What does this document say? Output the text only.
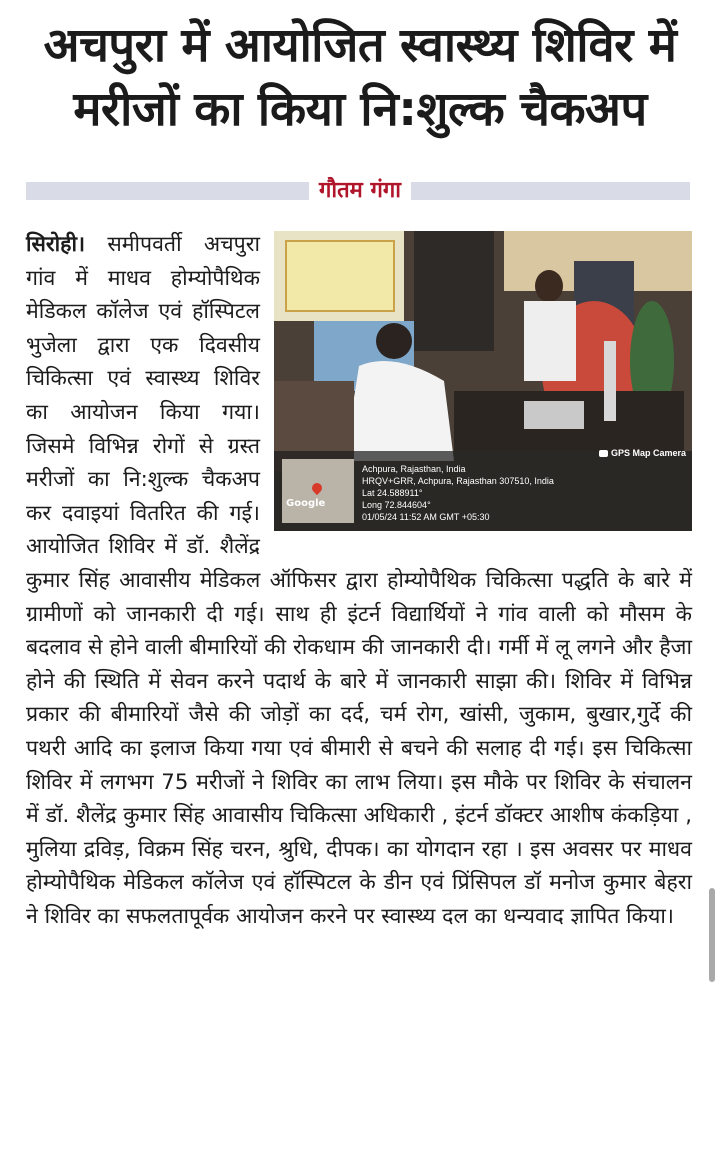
अचपुरा में आयोजित स्वास्थ्य शिविर में मरीजों का किया नि:शुल्क चैकअप
गौतम गंगा
GPS Map Camera
Google
Achpura, Rajasthan, India
HRQV+GRR, Achpura, Rajasthan 307510, India
Lat 24.588911°
Long 72.844604°
01/05/24 11:52 AM GMT +05:30
सिरोही। समीपवर्ती अचपुरा गांव में माधव होम्योपैथिक मेडिकल कॉलेज एवं हॉस्पिटल भुजेला द्वारा एक दिवसीय चिकित्सा एवं स्वास्थ्य शिविर का आयोजन किया गया। जिसमे विभिन्न रोगों से ग्रस्त मरीजों का नि:शुल्क चैकअप कर दवाइयां वितरित की गई। आयोजित शिविर में डॉ. शैलेंद्र कुमार सिंह आवासीय मेडिकल ऑफिसर द्वारा होम्योपैथिक चिकित्सा पद्धति के बारे में ग्रामीणों को जानकारी दी गई। साथ ही इंटर्न विद्यार्थियों ने गांव वाली को मौसम के बदलाव से होने वाली बीमारियों की रोकधाम की जानकारी दी। गर्मी में लू लगने और हैजा होने की स्थिति में सेवन करने पदार्थ के बारे में जानकारी साझा की। शिविर में विभिन्न प्रकार की बीमारियों जैसे की जोड़ों का दर्द, चर्म रोग, खांसी, जुकाम, बुखार,गुर्दे की पथरी आदि का इलाज किया गया एवं बीमारी से बचने की सलाह दी गई। इस चिकित्सा शिविर में लगभग 75 मरीजों ने शिविर का लाभ लिया। इस मौके पर शिविर के संचालन में डॉ. शैलेंद्र कुमार सिंह आवासीय चिकित्सा अधिकारी , इंटर्न डॉक्टर आशीष कंकड़िया , मुलिया द्रविड़, विक्रम सिंह चरन, श्रुधि, दीपक। का योगदान रहा । इस अवसर पर माधव होम्योपैथिक मेडिकल कॉलेज एवं हॉस्पिटल के डीन एवं प्रिंसिपल डॉ मनोज कुमार बेहरा ने शिविर का सफलतापूर्वक आयोजन करने पर स्वास्थ्य दल का धन्यवाद ज्ञापित किया।
